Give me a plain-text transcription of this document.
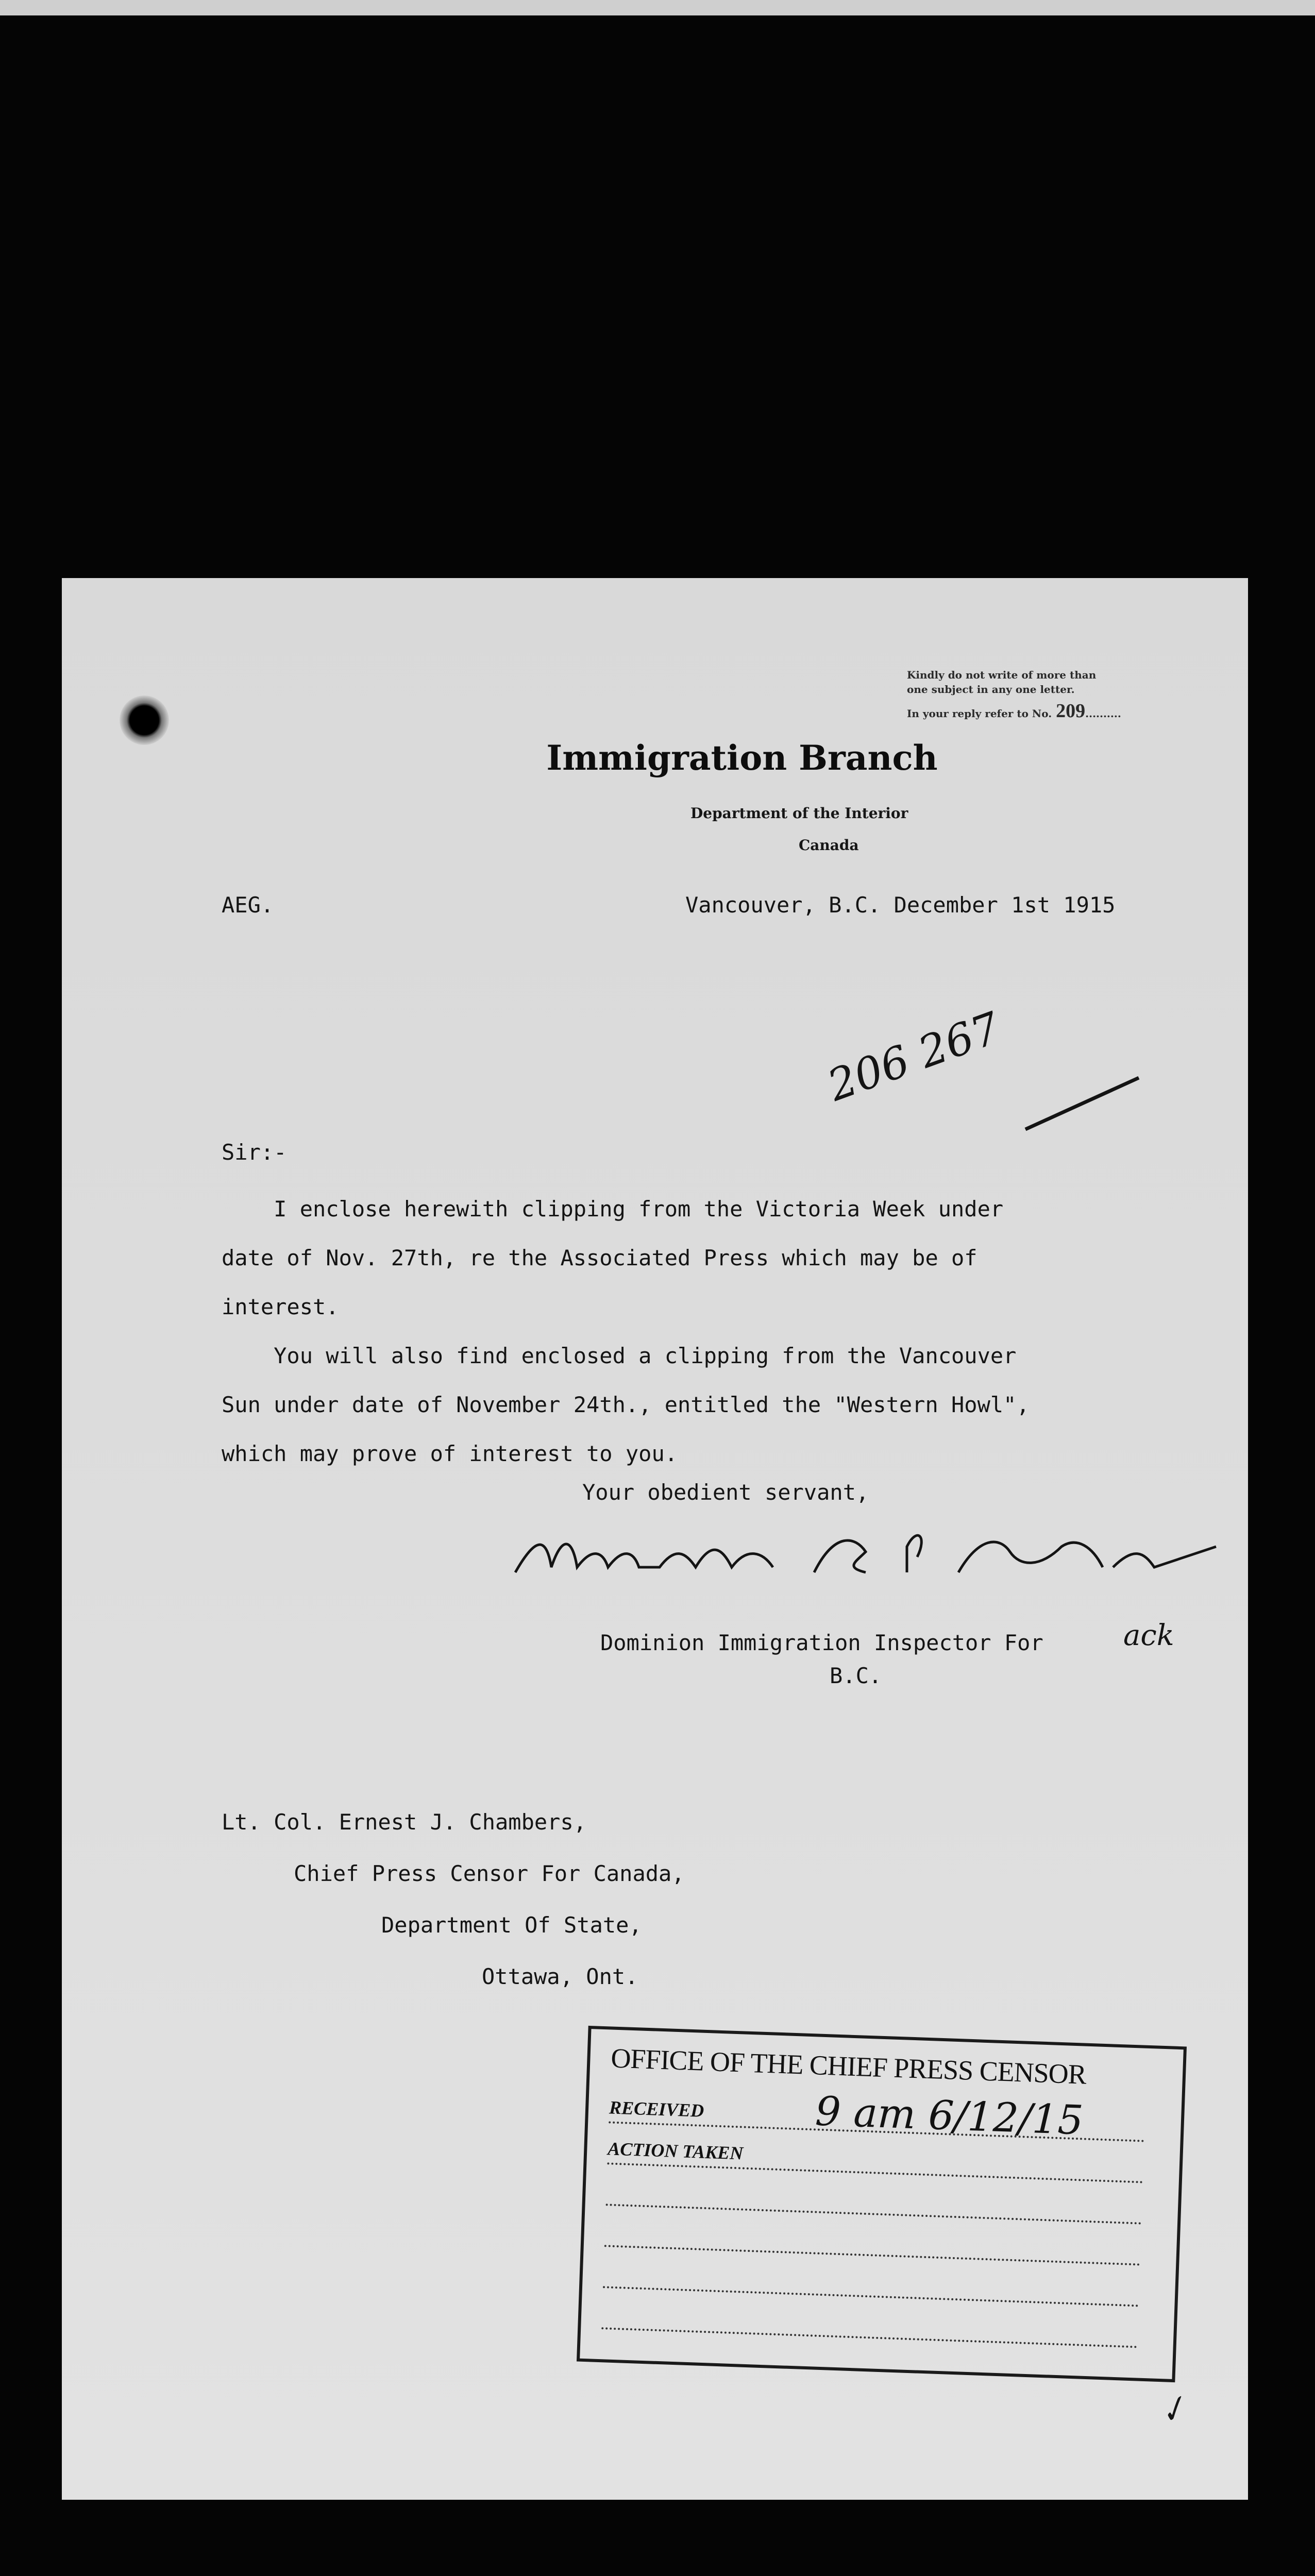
Kindly do not write of more than
one subject in any one letter.
In your reply refer to No. 209..........
Immigration Branch
Department of the Interior
Canada
AEG.	Vancouver, B.C. December 1st 1915
206 267
Sir:-
I enclose herewith clipping from the Victoria Week under
date of Nov. 27th, re the Associated Press which may be of
interest.
You will also find enclosed a clipping from the Vancouver
Sun under date of November 24th., entitled the "Western Howl",
which may prove of interest to you.
Your obedient servant,
Dominion Immigration Inspector For
B.C.
ack
Lt. Col. Ernest J. Chambers,
Chief Press Censor For Canada,
Department Of State,
Ottawa, Ont.
OFFICE OF THE CHIEF PRESS CENSOR
RECEIVED	9 am 6/12/15
ACTION TAKEN
✓
